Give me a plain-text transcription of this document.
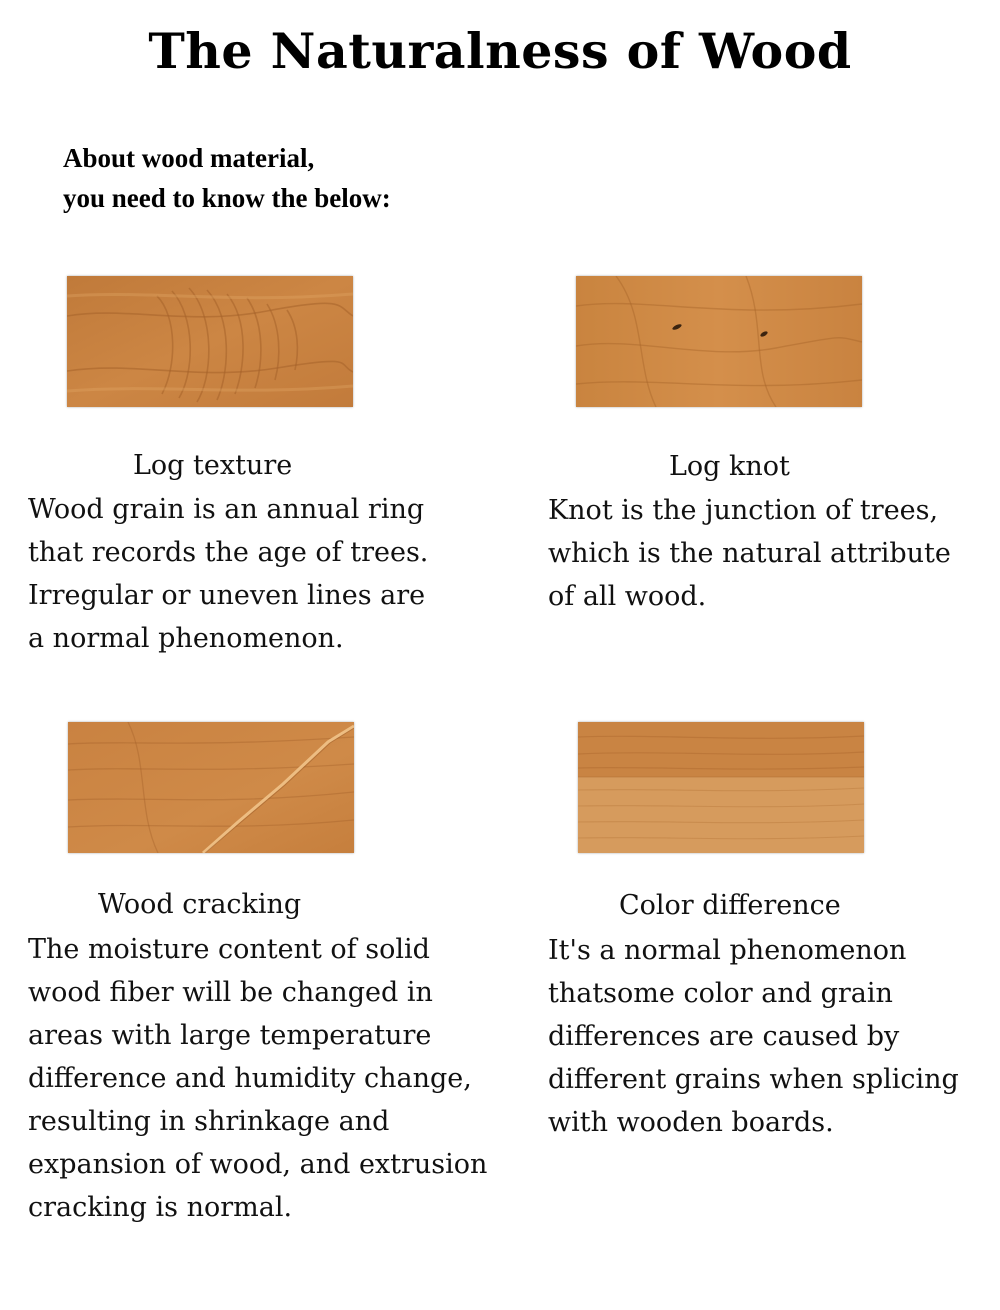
The Naturalness of Wood
About wood material,
you need to know the below:
Log texture
Wood grain is an annual ring
that records the age of trees.
Irregular or uneven lines are
a normal phenomenon.
Log knot
Knot is the junction of trees,
which is the natural attribute
of all wood.
Wood cracking
The moisture content of solid
wood fiber will be changed in
areas with large temperature
difference and humidity change,
resulting in shrinkage and
expansion of wood, and extrusion
cracking is normal.
Color difference
It's a normal phenomenon
thatsome color and grain
differences are caused by
different grains when splicing
with wooden boards.
